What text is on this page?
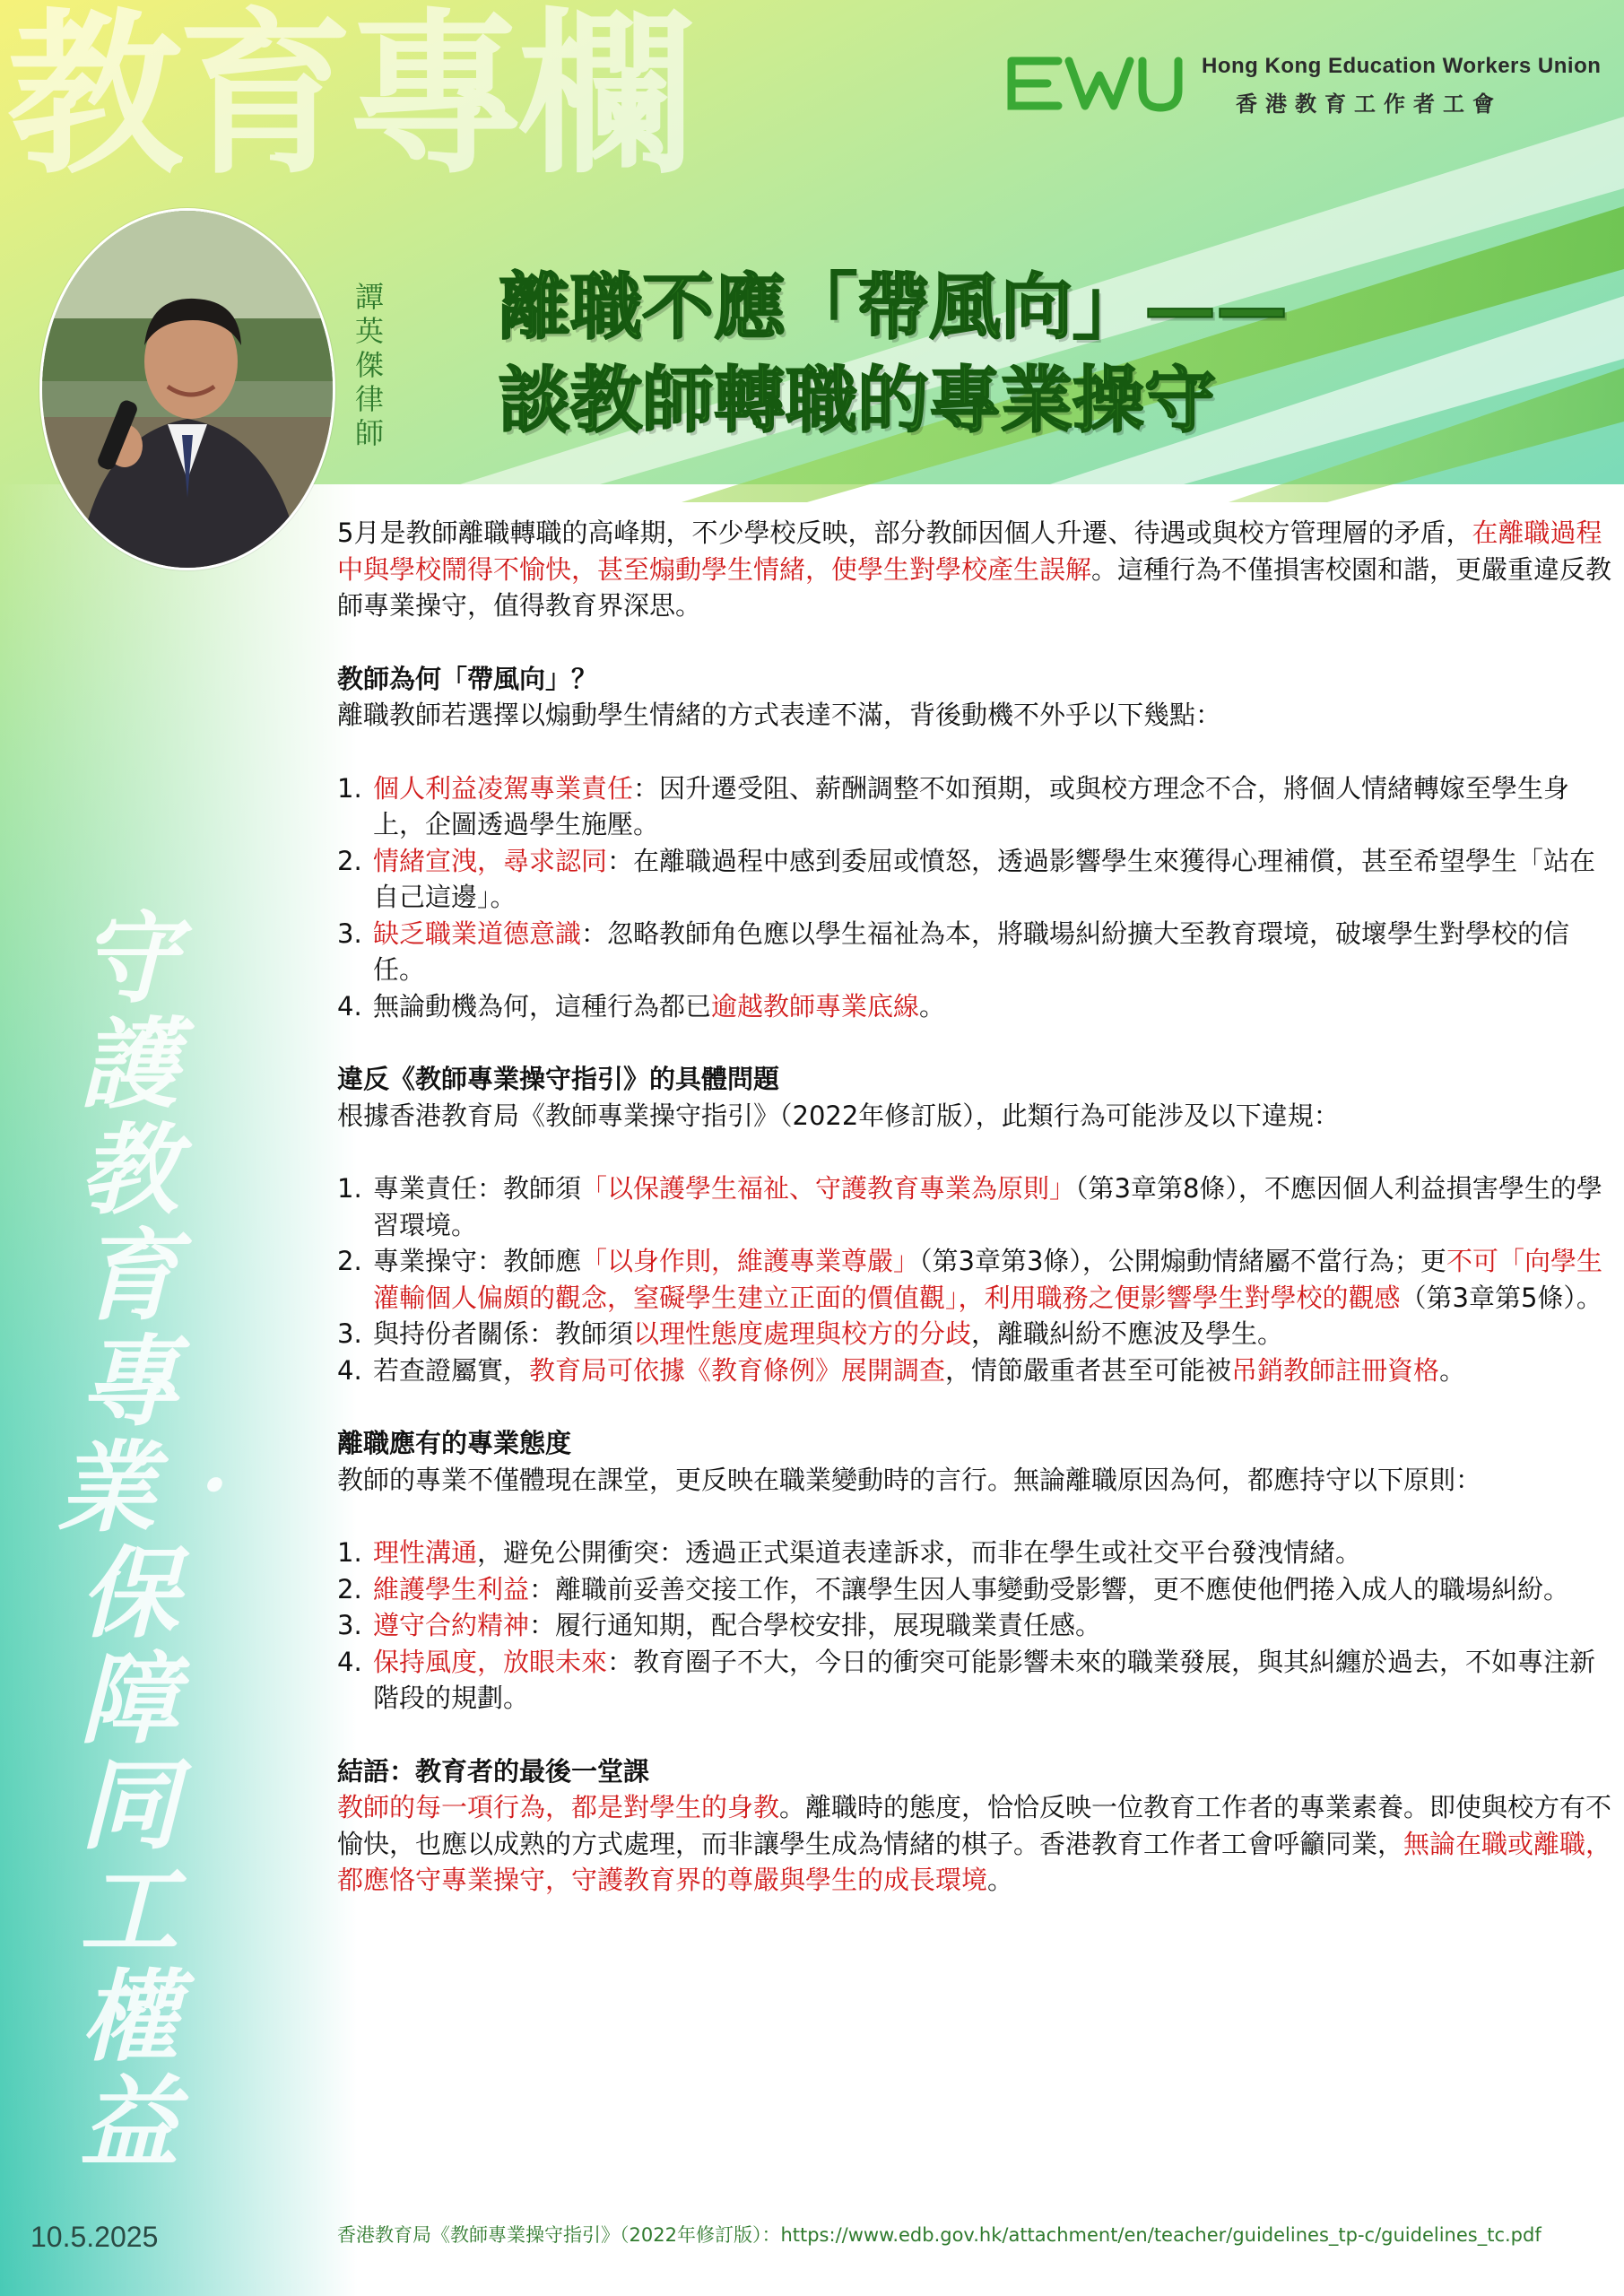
教育專欄	Hong Kong Education Workers Union
香港教育工作者工會
譚英傑律師
離職不應「帶風向」——
談教師轉職的專業操守
守護教育專業‧保障同工權益

5月是教師離職轉職的高峰期，不少學校反映，部分教師因個人升遷、待遇或與校方管理層的矛盾，在離職過程中與學校鬧得不愉快，甚至煽動學生情緒，使學生對學校產生誤解。這種行為不僅損害校園和諧，更嚴重違反教師專業操守，值得教育界深思。

教師為何「帶風向」？

離職教師若選擇以煽動學生情緒的方式表達不滿，背後動機不外乎以下幾點：

1. 個人利益凌駕專業責任：因升遷受阻、薪酬調整不如預期，或與校方理念不合，將個人情緒轉嫁至學生身上，企圖透過學生施壓。
2. 情緒宣洩，尋求認同：在離職過程中感到委屈或憤怒，透過影響學生來獲得心理補償，甚至希望學生「站在自己這邊」。
3. 缺乏職業道德意識：忽略教師角色應以學生福祉為本，將職場糾紛擴大至教育環境，破壞學生對學校的信任。
4. 無論動機為何，這種行為都已逾越教師專業底線。
違反《教師專業操守指引》的具體問題

根據香港教育局《教師專業操守指引》（2022年修訂版），此類行為可能涉及以下違規：

1. 專業責任：教師須「以保護學生福祉、守護教育專業為原則」（第3章第8條），不應因個人利益損害學生的學習環境。
2. 專業操守：教師應「以身作則，維護專業尊嚴」（第3章第3條），公開煽動情緒屬不當行為；更不可「向學生灌輸個人偏頗的觀念，窒礙學生建立正面的價值觀」，利用職務之便影響學生對學校的觀感（第3章第5條）。
3. 與持份者關係：教師須以理性態度處理與校方的分歧，離職糾紛不應波及學生。
4. 若查證屬實，教育局可依據《教育條例》展開調查，情節嚴重者甚至可能被吊銷教師註冊資格。
離職應有的專業態度

教師的專業不僅體現在課堂，更反映在職業變動時的言行。無論離職原因為何，都應持守以下原則：

1. 理性溝通，避免公開衝突：透過正式渠道表達訴求，而非在學生或社交平台發洩情緒。
2. 維護學生利益：離職前妥善交接工作，不讓學生因人事變動受影響，更不應使他們捲入成人的職場糾紛。
3. 遵守合約精神：履行通知期，配合學校安排，展現職業責任感。
4. 保持風度，放眼未來：教育圈子不大，今日的衝突可能影響未來的職業發展，與其糾纏於過去，不如專注新階段的規劃。
結語：教育者的最後一堂課

教師的每一項行為，都是對學生的身教。離職時的態度，恰恰反映一位教育工作者的專業素養。即使與校方有不愉快，也應以成熟的方式處理，而非讓學生成為情緒的棋子。香港教育工作者工會呼籲同業，無論在職或離職，都應恪守專業操守，守護教育界的尊嚴與學生的成長環境。

10.5.2025	香港教育局《教師專業操守指引》（2022年修訂版）：https://www.edb.gov.hk/attachment/en/teacher/guidelines_tp-c/guidelines_tc.pdf
